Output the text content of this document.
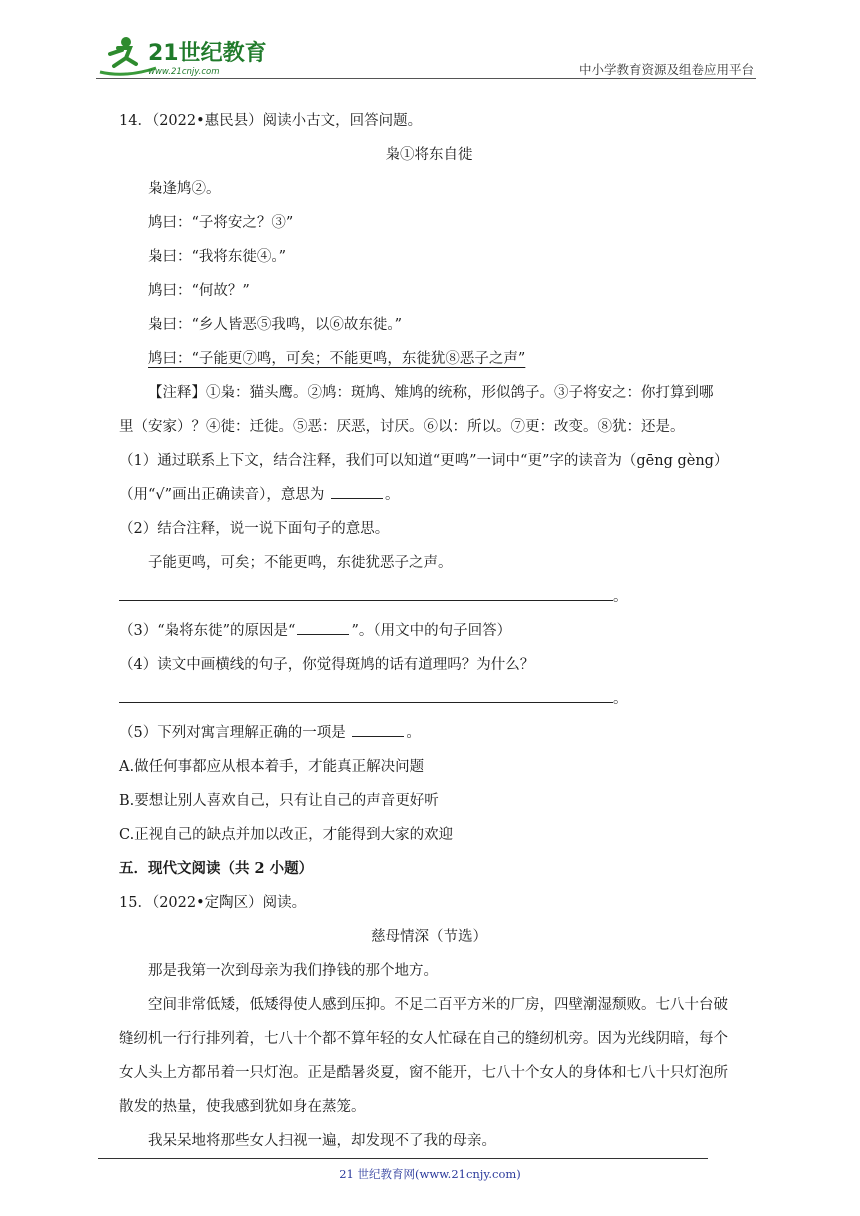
21世纪教育
www.21cnjy.com	中小学教育资源及组卷应用平台
14．（2022•惠民县）阅读小古文，回答问题。
枭①将东自徙
枭逢鸠②。
鸠曰：“子将安之？③”
枭曰：“我将东徙④。”
鸠曰：“何故？”
枭曰：“乡人皆恶⑤我鸣，以⑥故东徙。”
鸠曰：“子能更⑦鸣，可矣；不能更鸣，东徙犹⑧恶子之声”
【注释】①枭：猫头鹰。②鸠：斑鸠、雉鸠的统称，形似鸽子。③子将安之：你打算到哪
里（安家）？④徙：迁徙。⑤恶：厌恶，讨厌。⑥以：所以。⑦更：改变。⑧犹：还是。
（1）通过联系上下文，结合注释，我们可以知道“更鸣”一词中“更”字的读音为（gēng gèng）
（用“√”画出正确读音），意思为	。
（2）结合注释，说一说下面句子的意思。
子能更鸣，可矣；不能更鸣，东徙犹恶子之声。
。
（3）“枭将东徙”的原因是“	”。（用文中的句子回答）
（4）读文中画横线的句子，你觉得斑鸠的话有道理吗？为什么？
。
（5）下列对寓言理解正确的一项是	。
A.做任何事都应从根本着手，才能真正解决问题
B.要想让别人喜欢自己，只有让自己的声音更好听
C.正视自己的缺点并加以改正，才能得到大家的欢迎
五．现代文阅读（共 2 小题）
15．（2022•定陶区）阅读。
慈母情深（节选）
那是我第一次到母亲为我们挣钱的那个地方。
空间非常低矮，低矮得使人感到压抑。不足二百平方米的厂房，四壁潮湿颓败。七八十台破
缝纫机一行行排列着，七八十个都不算年轻的女人忙碌在自己的缝纫机旁。因为光线阴暗，每个
女人头上方都吊着一只灯泡。正是酷暑炎夏，窗不能开，七八十个女人的身体和七八十只灯泡所
散发的热量，使我感到犹如身在蒸笼。
我呆呆地将那些女人扫视一遍，却发现不了我的母亲。
21 世纪教育网(www.21cnjy.com)
